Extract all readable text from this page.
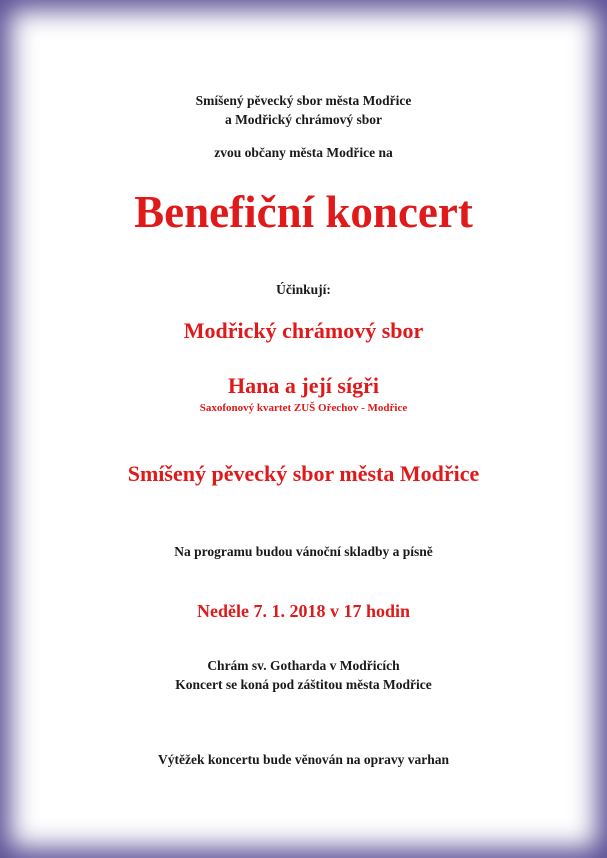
Smíšený pěvecký sbor města Modřice

a Modřický chrámový sbor

zvou občany města Modřice na

Benefiční koncert

Účinkují:

Modřický chrámový sbor

Hana a její sígři

Saxofonový kvartet ZUŠ Ořechov - Modřice

Smíšený pěvecký sbor města Modřice

Na programu budou vánoční skladby a písně

Neděle 7. 1. 2018 v 17 hodin

Chrám sv. Gotharda v Modřicích

Koncert se koná pod záštitou města Modřice

Výtěžek koncertu bude věnován na opravy varhan
